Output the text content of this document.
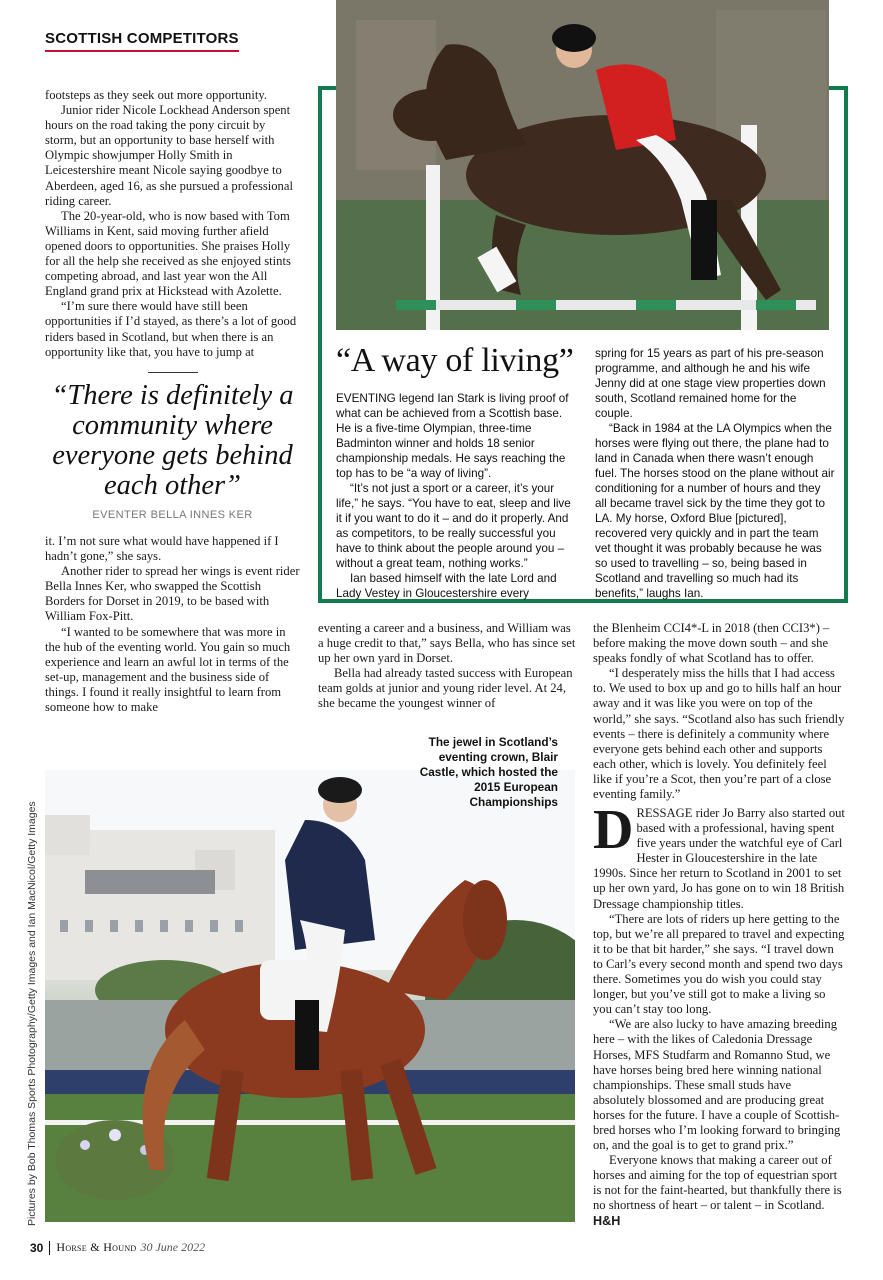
SCOTTISH COMPETITORS

footsteps as they seek out more opportunity.

Junior rider Nicole Lockhead Anderson spent hours on the road taking the pony circuit by storm, but an opportunity to base herself with Olympic showjumper Holly Smith in Leicestershire meant Nicole saying goodbye to Aberdeen, aged 16, as she pursued a professional riding career.

The 20-year-old, who is now based with Tom Williams in Kent, said moving further afield opened doors to opportunities. She praises Holly for all the help she received as she enjoyed stints competing abroad, and last year won the All England grand prix at Hickstead with Azolette.

“I’m sure there would have still been opportunities if I’d stayed, as there’s a lot of good riders based in Scotland, but when there is an opportunity like that, you have to jump at

“There is definitely a community where everyone gets behind each other”
EVENTER BELLA INNES KER

it. I’m not sure what would have happened if I hadn’t gone,” she says.

Another rider to spread her wings is event rider Bella Innes Ker, who swapped the Scottish Borders for Dorset in 2019, to be based with William Fox-Pitt.

“I wanted to be somewhere that was more in the hub of the eventing world. You gain so much experience and learn an awful lot in terms of the set-up, management and the business side of things. I found it really insightful to learn from someone how to make

“A way of living”

EVENTING legend Ian Stark is living proof of what can be achieved from a Scottish base. He is a five-time Olympian, three-time Badminton winner and holds 18 senior championship medals. He says reaching the top has to be “a way of living”.

“It’s not just a sport or a career, it’s your life,” he says. “You have to eat, sleep and live it if you want to do it – and do it properly. And as competitors, to be really successful you have to think about the people around you – without a great team, nothing works.”

Ian based himself with the late Lord and Lady Vestey in Gloucestershire every

spring for 15 years as part of his pre-season programme, and although he and his wife Jenny did at one stage view properties down south, Scotland remained home for the couple.

“Back in 1984 at the LA Olympics when the horses were flying out there, the plane had to land in Canada when there wasn’t enough fuel. The horses stood on the plane without air conditioning for a number of hours and they all became travel sick by the time they got to LA. My horse, Oxford Blue [pictured], recovered very quickly and in part the team vet thought it was probably because he was so used to travelling – so, being based in Scotland and travelling so much had its benefits,” laughs Ian.

eventing a career and a business, and William was a huge credit to that,” says Bella, who has since set up her own yard in Dorset.

Bella had already tasted success with European team golds at junior and young rider level. At 24, she became the youngest winner of

the Blenheim CCI4*-L in 2018 (then CCI3*) – before making the move down south – and she speaks fondly of what Scotland has to offer.

“I desperately miss the hills that I had access to. We used to box up and go to hills half an hour away and it was like you were on top of the world,” she says. “Scotland also has such friendly events – there is definitely a community where everyone gets behind each other and supports each other, which is lovely. You definitely feel like if you’re a Scot, then you’re part of a close eventing family.”

DRESSAGE rider Jo Barry also started out based with a professional, having spent five years under the watchful eye of Carl Hester in Gloucestershire in the late 1990s. Since her return to Scotland in 2001 to set up her own yard, Jo has gone on to win 18 British Dressage championship titles.

“There are lots of riders up here getting to the top, but we’re all prepared to travel and expecting it to be that bit harder,” she says. “I travel down to Carl’s every second month and spend two days there. Sometimes you do wish you could stay longer, but you’ve still got to make a living so you can’t stay too long.

“We are also lucky to have amazing breeding here – with the likes of Caledonia Dressage Horses, MFS Studfarm and Romanno Stud, we have horses being bred here winning national championships. These small studs have absolutely blossomed and are producing great horses for the future. I have a couple of Scottish-bred horses who I’m looking forward to bringing on, and the goal is to get to grand prix.”

Everyone knows that making a career out of horses and aiming for the top of equestrian sport is not for the faint-hearted, but thankfully there is no shortness of heart – or talent – in Scotland. H&H

The jewel in Scotland’s eventing crown, Blair Castle, which hosted the 2015 European Championships
Pictures by Bob Thomas Sports Photography/Getty Images and Ian MacNicol/Getty Images
30	Horse & Hound 30 June 2022
